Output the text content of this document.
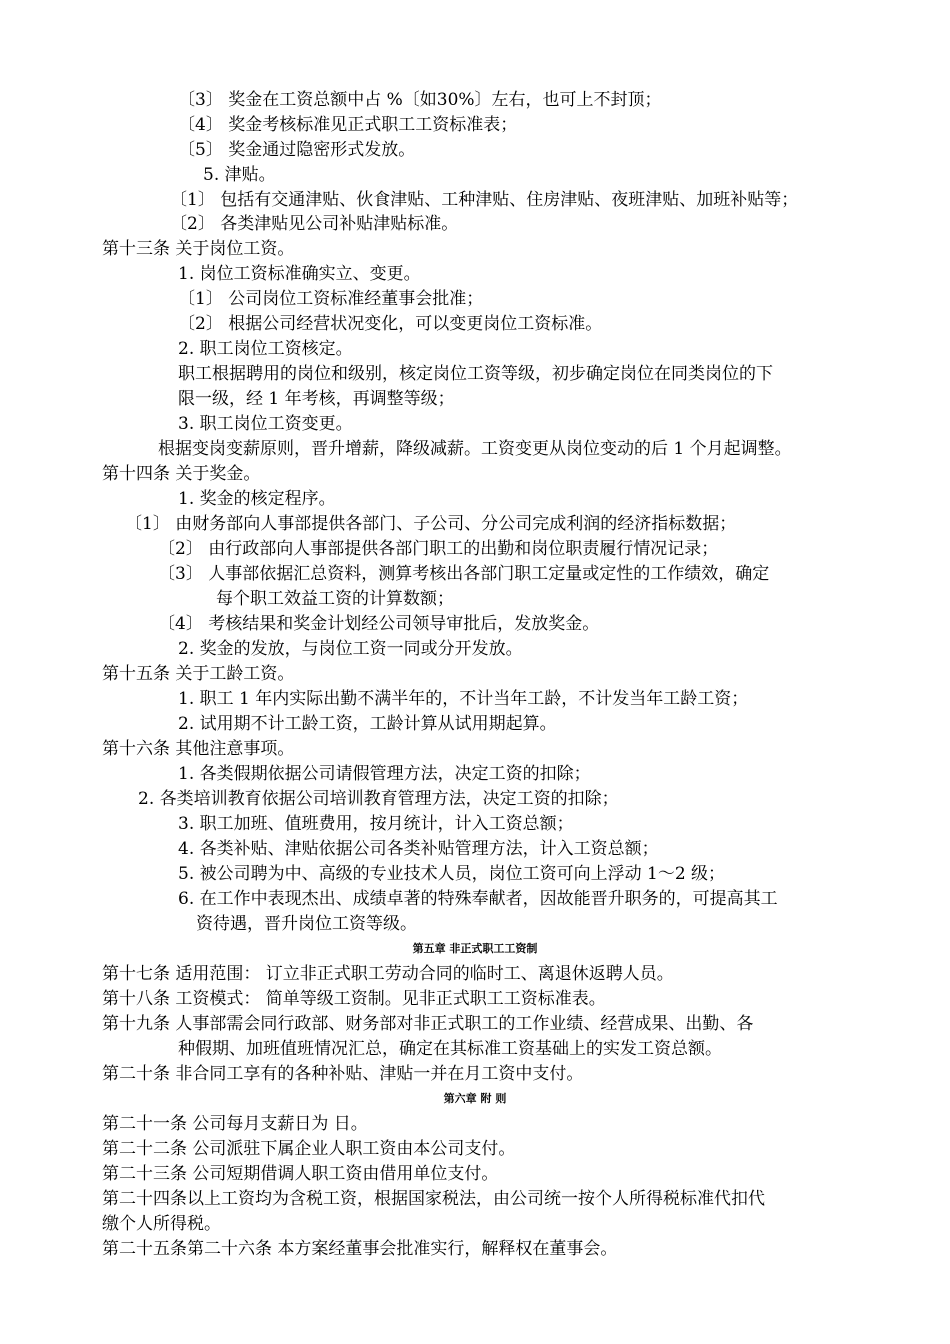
〔3〕 奖金在工资总额中占 %〔如30%〕左右，也可上不封顶；
〔4〕 奖金考核标准见正式职工工资标准表；
〔5〕 奖金通过隐密形式发放。
5. 津贴。
〔1〕 包括有交通津贴、伙食津贴、工种津贴、住房津贴、夜班津贴、加班补贴等；
〔2〕 各类津贴见公司补贴津贴标准。
第十三条 关于岗位工资。
1. 岗位工资标准确实立、变更。
〔1〕 公司岗位工资标准经董事会批准；
〔2〕 根据公司经营状况变化，可以变更岗位工资标准。
2. 职工岗位工资核定。
职工根据聘用的岗位和级别，核定岗位工资等级，初步确定岗位在同类岗位的下
限一级，经 1 年考核，再调整等级；
3. 职工岗位工资变更。
根据变岗变薪原则，晋升增薪，降级减薪。工资变更从岗位变动的后 1 个月起调整。
第十四条 关于奖金。
1. 奖金的核定程序。
〔1〕 由财务部向人事部提供各部门、子公司、分公司完成利润的经济指标数据；
〔2〕 由行政部向人事部提供各部门职工的出勤和岗位职责履行情况记录；
〔3〕 人事部依据汇总资料，测算考核出各部门职工定量或定性的工作绩效，确定
每个职工效益工资的计算数额；
〔4〕 考核结果和奖金计划经公司领导审批后，发放奖金。
2. 奖金的发放，与岗位工资一同或分开发放。
第十五条 关于工龄工资。
1. 职工 1 年内实际出勤不满半年的，不计当年工龄，不计发当年工龄工资；
2. 试用期不计工龄工资，工龄计算从试用期起算。
第十六条 其他注意事项。
1. 各类假期依据公司请假管理方法，决定工资的扣除；
2. 各类培训教育依据公司培训教育管理方法，决定工资的扣除；
3. 职工加班、值班费用，按月统计，计入工资总额；
4. 各类补贴、津贴依据公司各类补贴管理方法，计入工资总额；
5. 被公司聘为中、高级的专业技术人员，岗位工资可向上浮动 1～2 级；
6. 在工作中表现杰出、成绩卓著的特殊奉献者，因故能晋升职务的，可提高其工
资待遇，晋升岗位工资等级。
第五章 非正式职工工资制
第十七条 适用范围： 订立非正式职工劳动合同的临时工、离退休返聘人员。
第十八条 工资模式： 简单等级工资制。见非正式职工工资标准表。
第十九条 人事部需会同行政部、财务部对非正式职工的工作业绩、经营成果、出勤、各
种假期、加班值班情况汇总，确定在其标准工资基础上的实发工资总额。
第二十条 非合同工享有的各种补贴、津贴一并在月工资中支付。
第六章 附 则
第二十一条 公司每月支薪日为 日。
第二十二条 公司派驻下属企业人职工资由本公司支付。
第二十三条 公司短期借调人职工资由借用单位支付。
第二十四条以上工资均为含税工资，根据国家税法，由公司统一按个人所得税标准代扣代
缴个人所得税。
第二十五条第二十六条 本方案经董事会批准实行，解释权在董事会。
